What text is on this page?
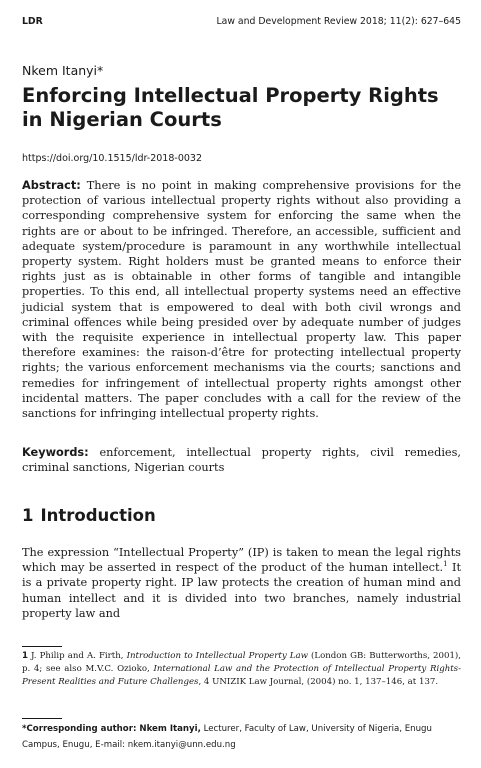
LDR	Law and Development Review 2018; 11(2): 627–645
Nkem Itanyi*
Enforcing Intellectual Property Rights
in Nigerian Courts
https://doi.org/10.1515/ldr-2018-0032

Abstract: There is no point in making comprehensive provisions for the protection of various intellectual property rights without also providing a corresponding comprehensive system for enforcing the same when the rights are or about to be infringed. Therefore, an accessible, sufficient and adequate system/procedure is paramount in any worthwhile intellectual property system. Right holders must be granted means to enforce their rights just as is obtainable in other forms of tangible and intangible properties. To this end, all intellectual property systems need an effective judicial system that is empowered to deal with both civil wrongs and criminal offences while being presided over by adequate number of judges with the requisite experience in intellectual property law. This paper therefore examines: the raison-d’être for protecting intellectual property rights; the various enforcement mechanisms via the courts; sanctions and remedies for infringement of intellectual property rights amongst other incidental matters. The paper concludes with a call for the review of the sanctions for infringing intellectual property rights.

Keywords: enforcement, intellectual property rights, civil remedies, criminal sanctions, Nigerian courts

1 Introduction

The expression “Intellectual Property” (IP) is taken to mean the legal rights which may be asserted in respect of the product of the human intellect.$^1$ It is a private property right. IP law protects the creation of human mind and human intellect and it is divided into two branches, namely industrial property law and

1 J. Philip and A. Firth, Introduction to Intellectual Property Law (London GB: Butterworths, 2001), p. 4; see also M.V.C. Ozioko, International Law and the Protection of Intellectual Property Rights-Present Realities and Future Challenges, 4 UNIZIK Law Journal, (2004) no. 1, 137–146, at 137.

*Corresponding author: Nkem Itanyi, Lecturer, Faculty of Law, University of Nigeria, Enugu Campus, Enugu, E-mail: nkem.itanyi@unn.edu.ng
